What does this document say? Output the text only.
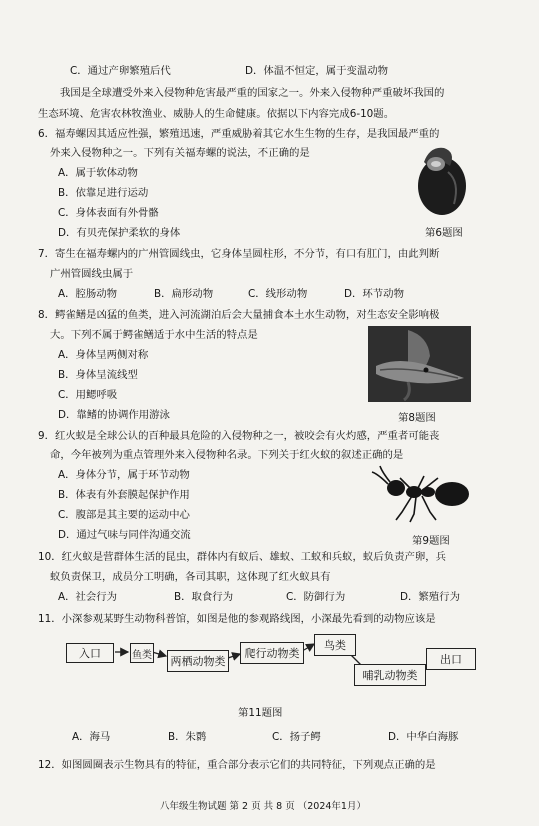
C．通过产卵繁殖后代	D．体温不恒定，属于变温动物
我国是全球遭受外来入侵物种危害最严重的国家之一。外来入侵物种严重破坏我国的
生态环境、危害农林牧渔业、威胁人的生命健康。依据以下内容完成6-10题。
6．福寿螺因其适应性强，繁殖迅速，严重威胁着其它水生生物的生存，是我国最严重的
外来入侵物种之一。下列有关福寿螺的说法，不正确的是
A．属于软体动物
B．依靠足进行运动
C．身体表面有外骨骼
D．有贝壳保护柔软的身体	第6题图
7．寄生在福寿螺内的广州管圆线虫，它身体呈圆柱形，不分节，有口有肛门，由此判断
广州管圆线虫属于
A．腔肠动物	B．扁形动物	C．线形动物	D．环节动物
8．鳄雀鳝是凶猛的鱼类，进入河流湖泊后会大量捕食本土水生动物，对生态安全影响极
大。下列不属于鳄雀鳝适于水中生活的特点是
A．身体呈两侧对称
B．身体呈流线型
C．用鳃呼吸
D．靠鳍的协调作用游泳	第8题图
9．红火蚁是全球公认的百种最具危险的入侵物种之一，被咬会有火灼感，严重者可能丧
命，今年被列为重点管理外来入侵物种名录。下列关于红火蚁的叙述正确的是
A．身体分节，属于环节动物
B．体表有外套膜起保护作用
C．腹部是其主要的运动中心
D．通过气味与同伴沟通交流	第9题图
10．红火蚁是营群体生活的昆虫，群体内有蚁后、雄蚁、工蚁和兵蚁，蚁后负责产卵，兵
蚁负责保卫，成员分工明确，各司其职，这体现了红火蚁具有
A．社会行为	B．取食行为	C．防御行为	D．繁殖行为
11．小深参观某野生动物科普馆，如图是他的参观路线图，小深最先看到的动物应该是
入口	鱼类	两栖动物类
爬行动物类
鸟类
哺乳动物类
出口
第11题图
A．海马	B．朱鹮	C．扬子鳄	D．中华白海豚
12．如图圆圈表示生物具有的特征，重合部分表示它们的共同特征，下列观点正确的是
八年级生物试题 第 2 页 共 8 页 （2024年1月）
